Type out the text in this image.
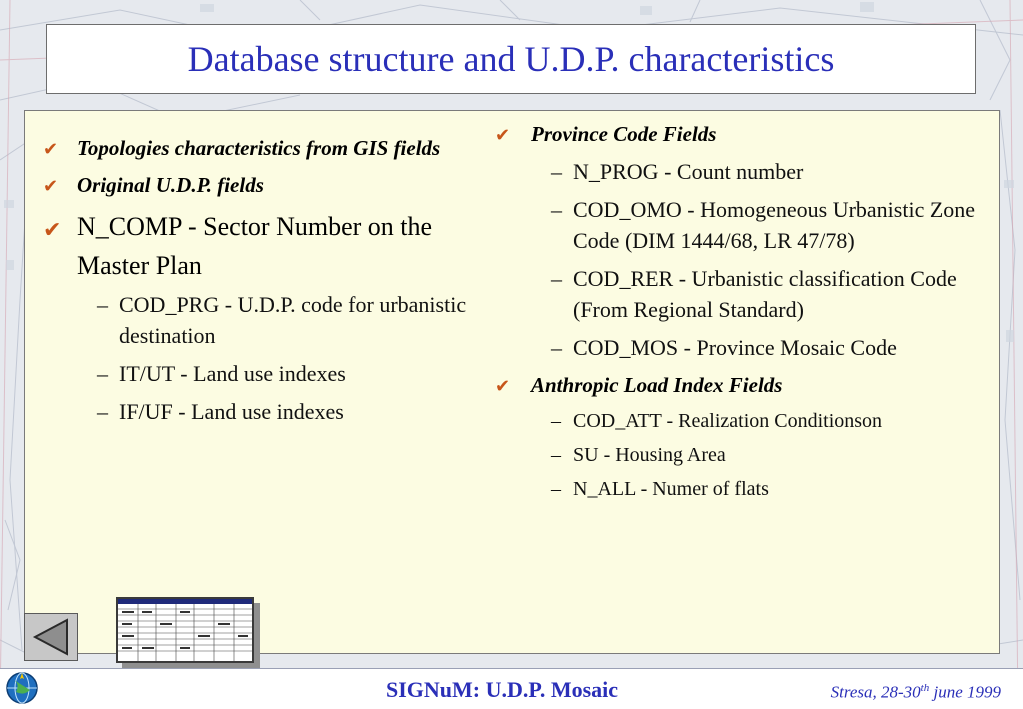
Database structure and U.D.P. characteristics

✔ Topologies characteristics from GIS fields

✔ Original U.D.P. fields

✔ N_COMP - Sector Number on the Master Plan

– COD_PRG - U.D.P. code for urbanistic destination

– IT/UT - Land use indexes

– IF/UF - Land use indexes

✔ Province Code Fields

– N_PROG - Count number

– COD_OMO - Homogeneous Urbanistic Zone Code (DIM 1444/68, LR 47/78)

– COD_RER - Urbanistic classification Code (From Regional Standard)

– COD_MOS - Province Mosaic Code

✔ Anthropic Load Index Fields

– COD_ATT - Realization Conditionson

– SU - Housing Area

– N_ALL - Numer of flats

SIGNuM: U.D.P. Mosaic	Stresa, 28-30th june 1999
